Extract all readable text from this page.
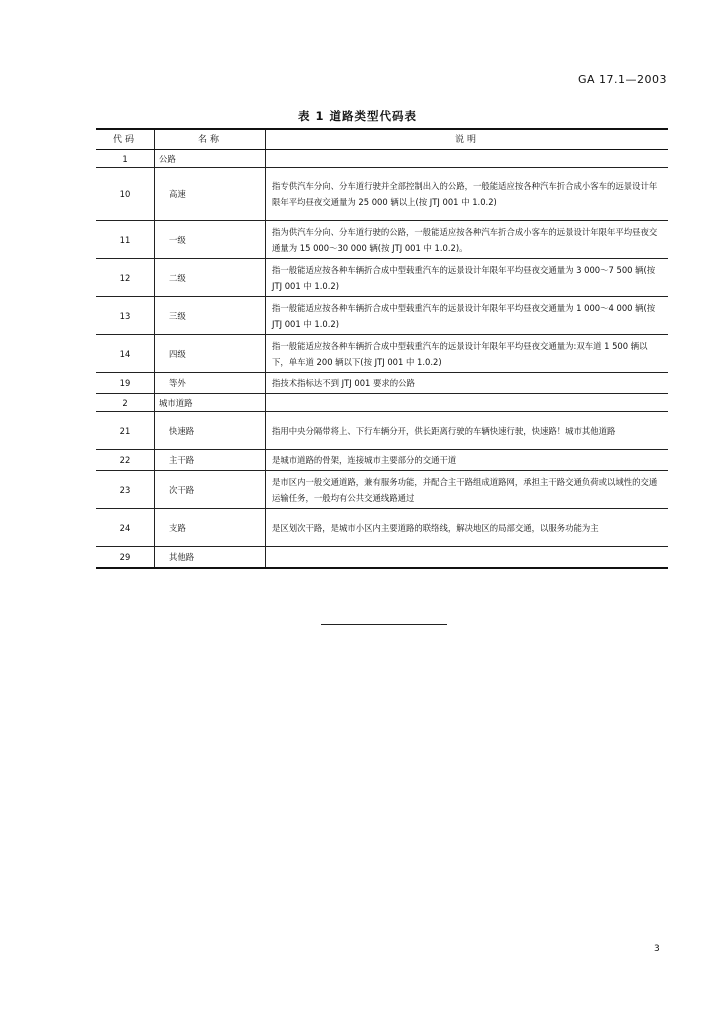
GA 17.1—2003
表 1 道路类型代码表
代码	名称	说明
1	公路	
10	高速	指专供汽车分向、分车道行驶并全部控制出入的公路，一般能适应按各种汽车折合成小客车的远景设计年限年平均昼夜交通量为 25 000 辆以上(按 JTJ 001 中 1.0.2)
11	一级	指为供汽车分向、分车道行驶的公路，一般能适应按各种汽车折合成小客车的远景设计年限年平均昼夜交通量为 15 000～30 000 辆(按 JTJ 001 中 1.0.2)。
12	二级	指一般能适应按各种车辆折合成中型载重汽车的远景设计年限年平均昼夜交通量为 3 000～7 500 辆(按 JTJ 001 中 1.0.2)
13	三级	指一般能适应按各种车辆折合成中型载重汽车的远景设计年限年平均昼夜交通量为 1 000～4 000 辆(按 JTJ 001 中 1.0.2)
14	四级	指一般能适应按各种车辆折合成中型载重汽车的远景设计年限年平均昼夜交通量为:双车道 1 500 辆以下，单车道 200 辆以下(按 JTJ 001 中 1.0.2)
19	等外	指技术指标达不到 JTJ 001 要求的公路
2	城市道路	
21	快速路	指用中央分隔带将上、下行车辆分开，供长距离行驶的车辆快速行驶，快速路！城市其他道路
22	主干路	是城市道路的骨架，连接城市主要部分的交通干道
23	次干路	是市区内一般交通道路，兼有服务功能，并配合主干路组成道路网，承担主干路交通负荷或以域性的交通运输任务，一般均有公共交通线路通过
24	支路	是区划次干路，是城市小区内主要道路的联络线，解决地区的局部交通，以服务功能为主
29	其他路	
3
